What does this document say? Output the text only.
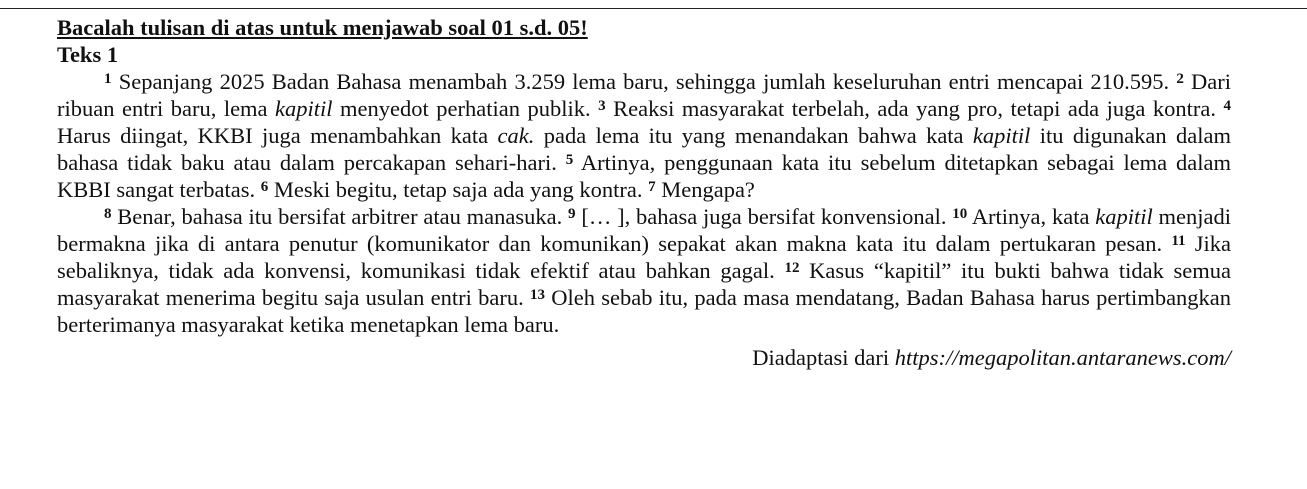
Bacalah tulisan di atas untuk menjawab soal 01 s.d. 05!

Teks 1

$^1$ Sepanjang 2025 Badan Bahasa menambah 3.259 lema baru, sehingga jumlah keseluruhan entri mencapai 210.595. $^2$ Dari ribuan entri baru, lema kapitil menyedot perhatian publik. $^3$ Reaksi masyarakat terbelah, ada yang pro, tetapi ada juga kontra. $^4$ Harus diingat, KKBI juga menambahkan kata cak. pada lema itu yang menandakan bahwa kata kapitil itu digunakan dalam bahasa tidak baku atau dalam percakapan sehari-hari. $^5$ Artinya, penggunaan kata itu sebelum ditetapkan sebagai lema dalam KBBI sangat terbatas. $^6$ Meski begitu, tetap saja ada yang kontra. $^7$ Mengapa?

$^8$ Benar, bahasa itu bersifat arbitrer atau manasuka. $^9$ [… ], bahasa juga bersifat konvensional. $^{10}$ Artinya, kata kapitil menjadi bermakna jika di antara penutur (komunikator dan komunikan) sepakat akan makna kata itu dalam pertukaran pesan. $^{11}$ Jika sebaliknya, tidak ada konvensi, komunikasi tidak efektif atau bahkan gagal. $^{12}$ Kasus “kapitil” itu bukti bahwa tidak semua masyarakat menerima begitu saja usulan entri baru. $^{13}$ Oleh sebab itu, pada masa mendatang, Badan Bahasa harus pertimbangkan berterimanya masyarakat ketika menetapkan lema baru.

Diadaptasi dari https://megapolitan.antaranews.com/
